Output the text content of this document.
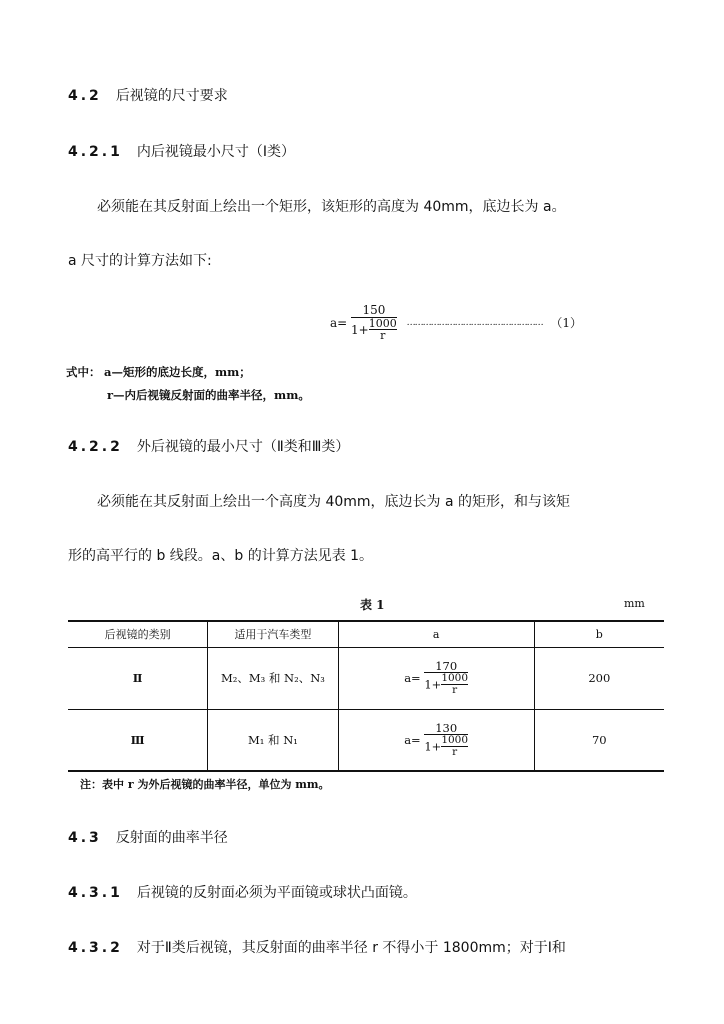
4.2 后视镜的尺寸要求
4.2.1 内后视镜最小尺寸（Ⅰ类）
必须能在其反射面上绘出一个矩形，该矩形的高度为 40mm，底边长为 a。
a 尺寸的计算方法如下:
$a= \frac{150}{1+ \frac{1000}{r}}$ …………………………………………… （1）
式中： a—矩形的底边长度，mm；
r—内后视镜反射面的曲率半径，mm。
4.2.2 外后视镜的最小尺寸（Ⅱ类和Ⅲ类）
必须能在其反射面上绘出一个高度为 40mm，底边长为 a 的矩形，和与该矩
形的高平行的 b 线段。a、b 的计算方法见表 1。
表 1	mm
后视镜的类别	适用于汽车类型	a	b
Ⅱ	M₂、M₃ 和 N₂、N₃	$a= \frac{170}{1+ \frac{1000}{r}}$	200
Ⅲ	M₁ 和 N₁	$a= \frac{130}{1+ \frac{1000}{r}}$	70
注：表中 r 为外后视镜的曲率半径，单位为 mm。
4.3 反射面的曲率半径
4.3.1 后视镜的反射面必须为平面镜或球状凸面镜。
4.3.2 对于Ⅱ类后视镜，其反射面的曲率半径 r 不得小于 1800mm；对于Ⅰ和
